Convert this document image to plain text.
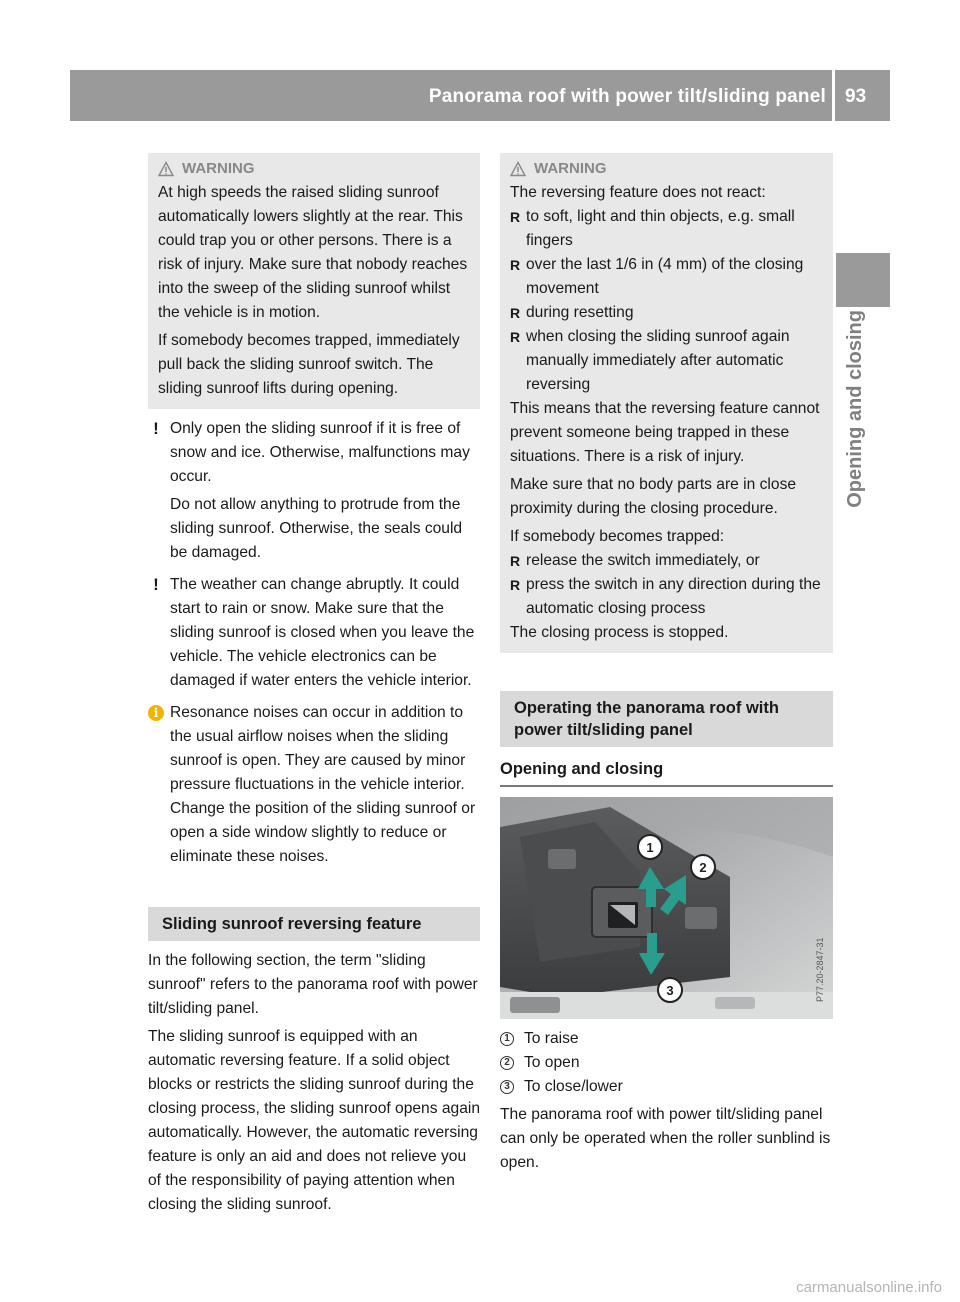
Panorama roof with power tilt/sliding panel	93
Opening and closing
WARNING

At high speeds the raised sliding sunroof automatically lowers slightly at the rear. This could trap you or other persons. There is a risk of injury. Make sure that nobody reaches into the sweep of the sliding sunroof whilst the vehicle is in motion.

If somebody becomes trapped, immediately pull back the sliding sunroof switch. The sliding sunroof lifts during opening.

! Only open the sliding sunroof if it is free of snow and ice. Otherwise, malfunctions may occur.

Do not allow anything to protrude from the sliding sunroof. Otherwise, the seals could be damaged.

! The weather can change abruptly. It could start to rain or snow. Make sure that the sliding sunroof is closed when you leave the vehicle. The vehicle electronics can be damaged if water enters the vehicle interior.

i Resonance noises can occur in addition to the usual airflow noises when the sliding sunroof is open. They are caused by minor pressure fluctuations in the vehicle interior. Change the position of the sliding sunroof or open a side window slightly to reduce or eliminate these noises.

Sliding sunroof reversing feature

In the following section, the term "sliding sunroof" refers to the panorama roof with power tilt/sliding panel.

The sliding sunroof is equipped with an automatic reversing feature. If a solid object blocks or restricts the sliding sunroof during the closing process, the sliding sunroof opens again automatically. However, the automatic reversing feature is only an aid and does not relieve you of the responsibility of paying attention when closing the sliding sunroof.

WARNING

The reversing feature does not react:

R to soft, light and thin objects, e.g. small fingers
R over the last 1/6 in (4 mm) of the closing movement
R during resetting
R when closing the sliding sunroof again manually immediately after automatic reversing

This means that the reversing feature cannot prevent someone being trapped in these situations. There is a risk of injury.

Make sure that no body parts are in close proximity during the closing procedure.

If somebody becomes trapped:

R release the switch immediately, or
R press the switch in any direction during the automatic closing process

The closing process is stopped.

Operating the panorama roof with power tilt/sliding panel
Opening and closing
1
2
3	P77.20-2847-31
1 To raise
2 To open
3 To close/lower

The panorama roof with power tilt/sliding panel can only be operated when the roller sunblind is open.

carmanualsonline.info
